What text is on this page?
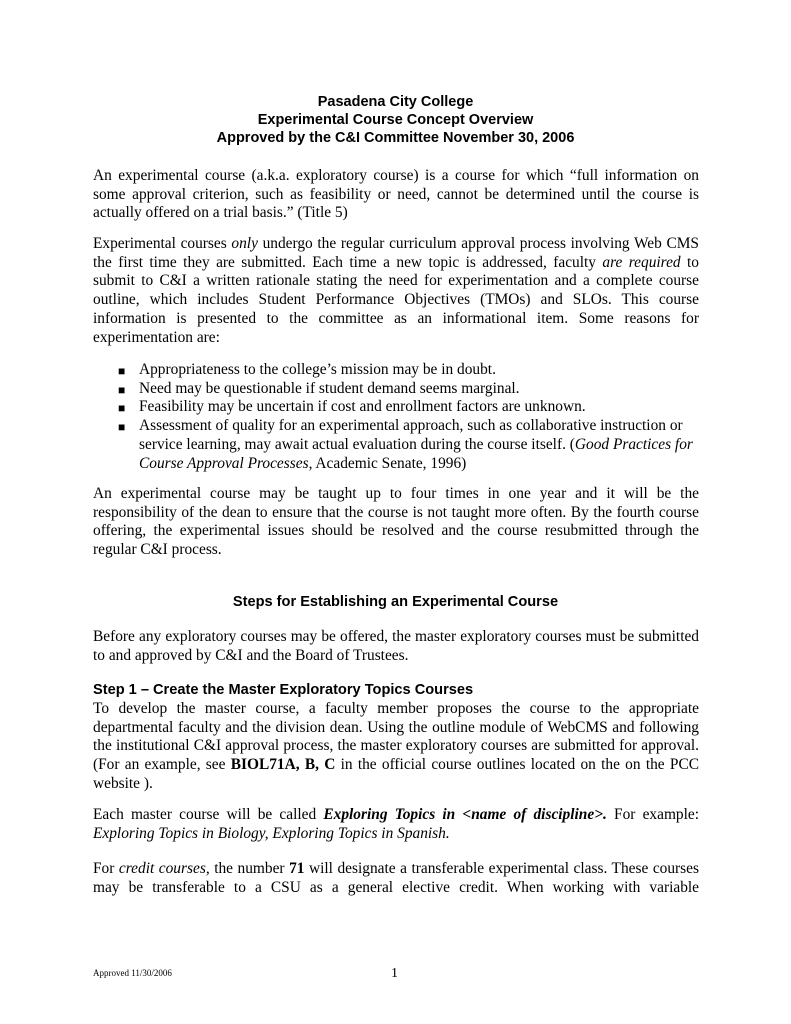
Pasadena City College
Experimental Course Concept Overview
Approved by the C&I Committee November 30, 2006

An experimental course (a.k.a. exploratory course) is a course for which “full information on some approval criterion, such as feasibility or need, cannot be determined until the course is actually offered on a trial basis.” (Title 5)

Experimental courses only undergo the regular curriculum approval process involving Web CMS the first time they are submitted. Each time a new topic is addressed, faculty are required to submit to C&I a written rationale stating the need for experimentation and a complete course outline, which includes Student Performance Objectives (TMOs) and SLOs. This course information is presented to the committee as an informational item. Some reasons for experimentation are:

■ Appropriateness to the college’s mission may be in doubt.
■ Need may be questionable if student demand seems marginal.
■ Feasibility may be uncertain if cost and enrollment factors are unknown.
■ Assessment of quality for an experimental approach, such as collaborative instruction or service learning, may await actual evaluation during the course itself. (Good Practices for Course Approval Processes, Academic Senate, 1996)

An experimental course may be taught up to four times in one year and it will be the responsibility of the dean to ensure that the course is not taught more often. By the fourth course offering, the experimental issues should be resolved and the course resubmitted through the regular C&I process.

Steps for Establishing an Experimental Course

Before any exploratory courses may be offered, the master exploratory courses must be submitted to and approved by C&I and the Board of Trustees.

Step 1 – Create the Master Exploratory Topics Courses

To develop the master course, a faculty member proposes the course to the appropriate departmental faculty and the division dean. Using the outline module of WebCMS and following the institutional C&I approval process, the master exploratory courses are submitted for approval. (For an example, see BIOL71A, B, C in the official course outlines located on the on the PCC website ).

Each master course will be called Exploring Topics in <name of discipline>. For example: Exploring Topics in Biology, Exploring Topics in Spanish.

For credit courses, the number 71 will designate a transferable experimental class. These courses may be transferable to a CSU as a general elective credit. When working with variable

Approved 11/30/2006	1
